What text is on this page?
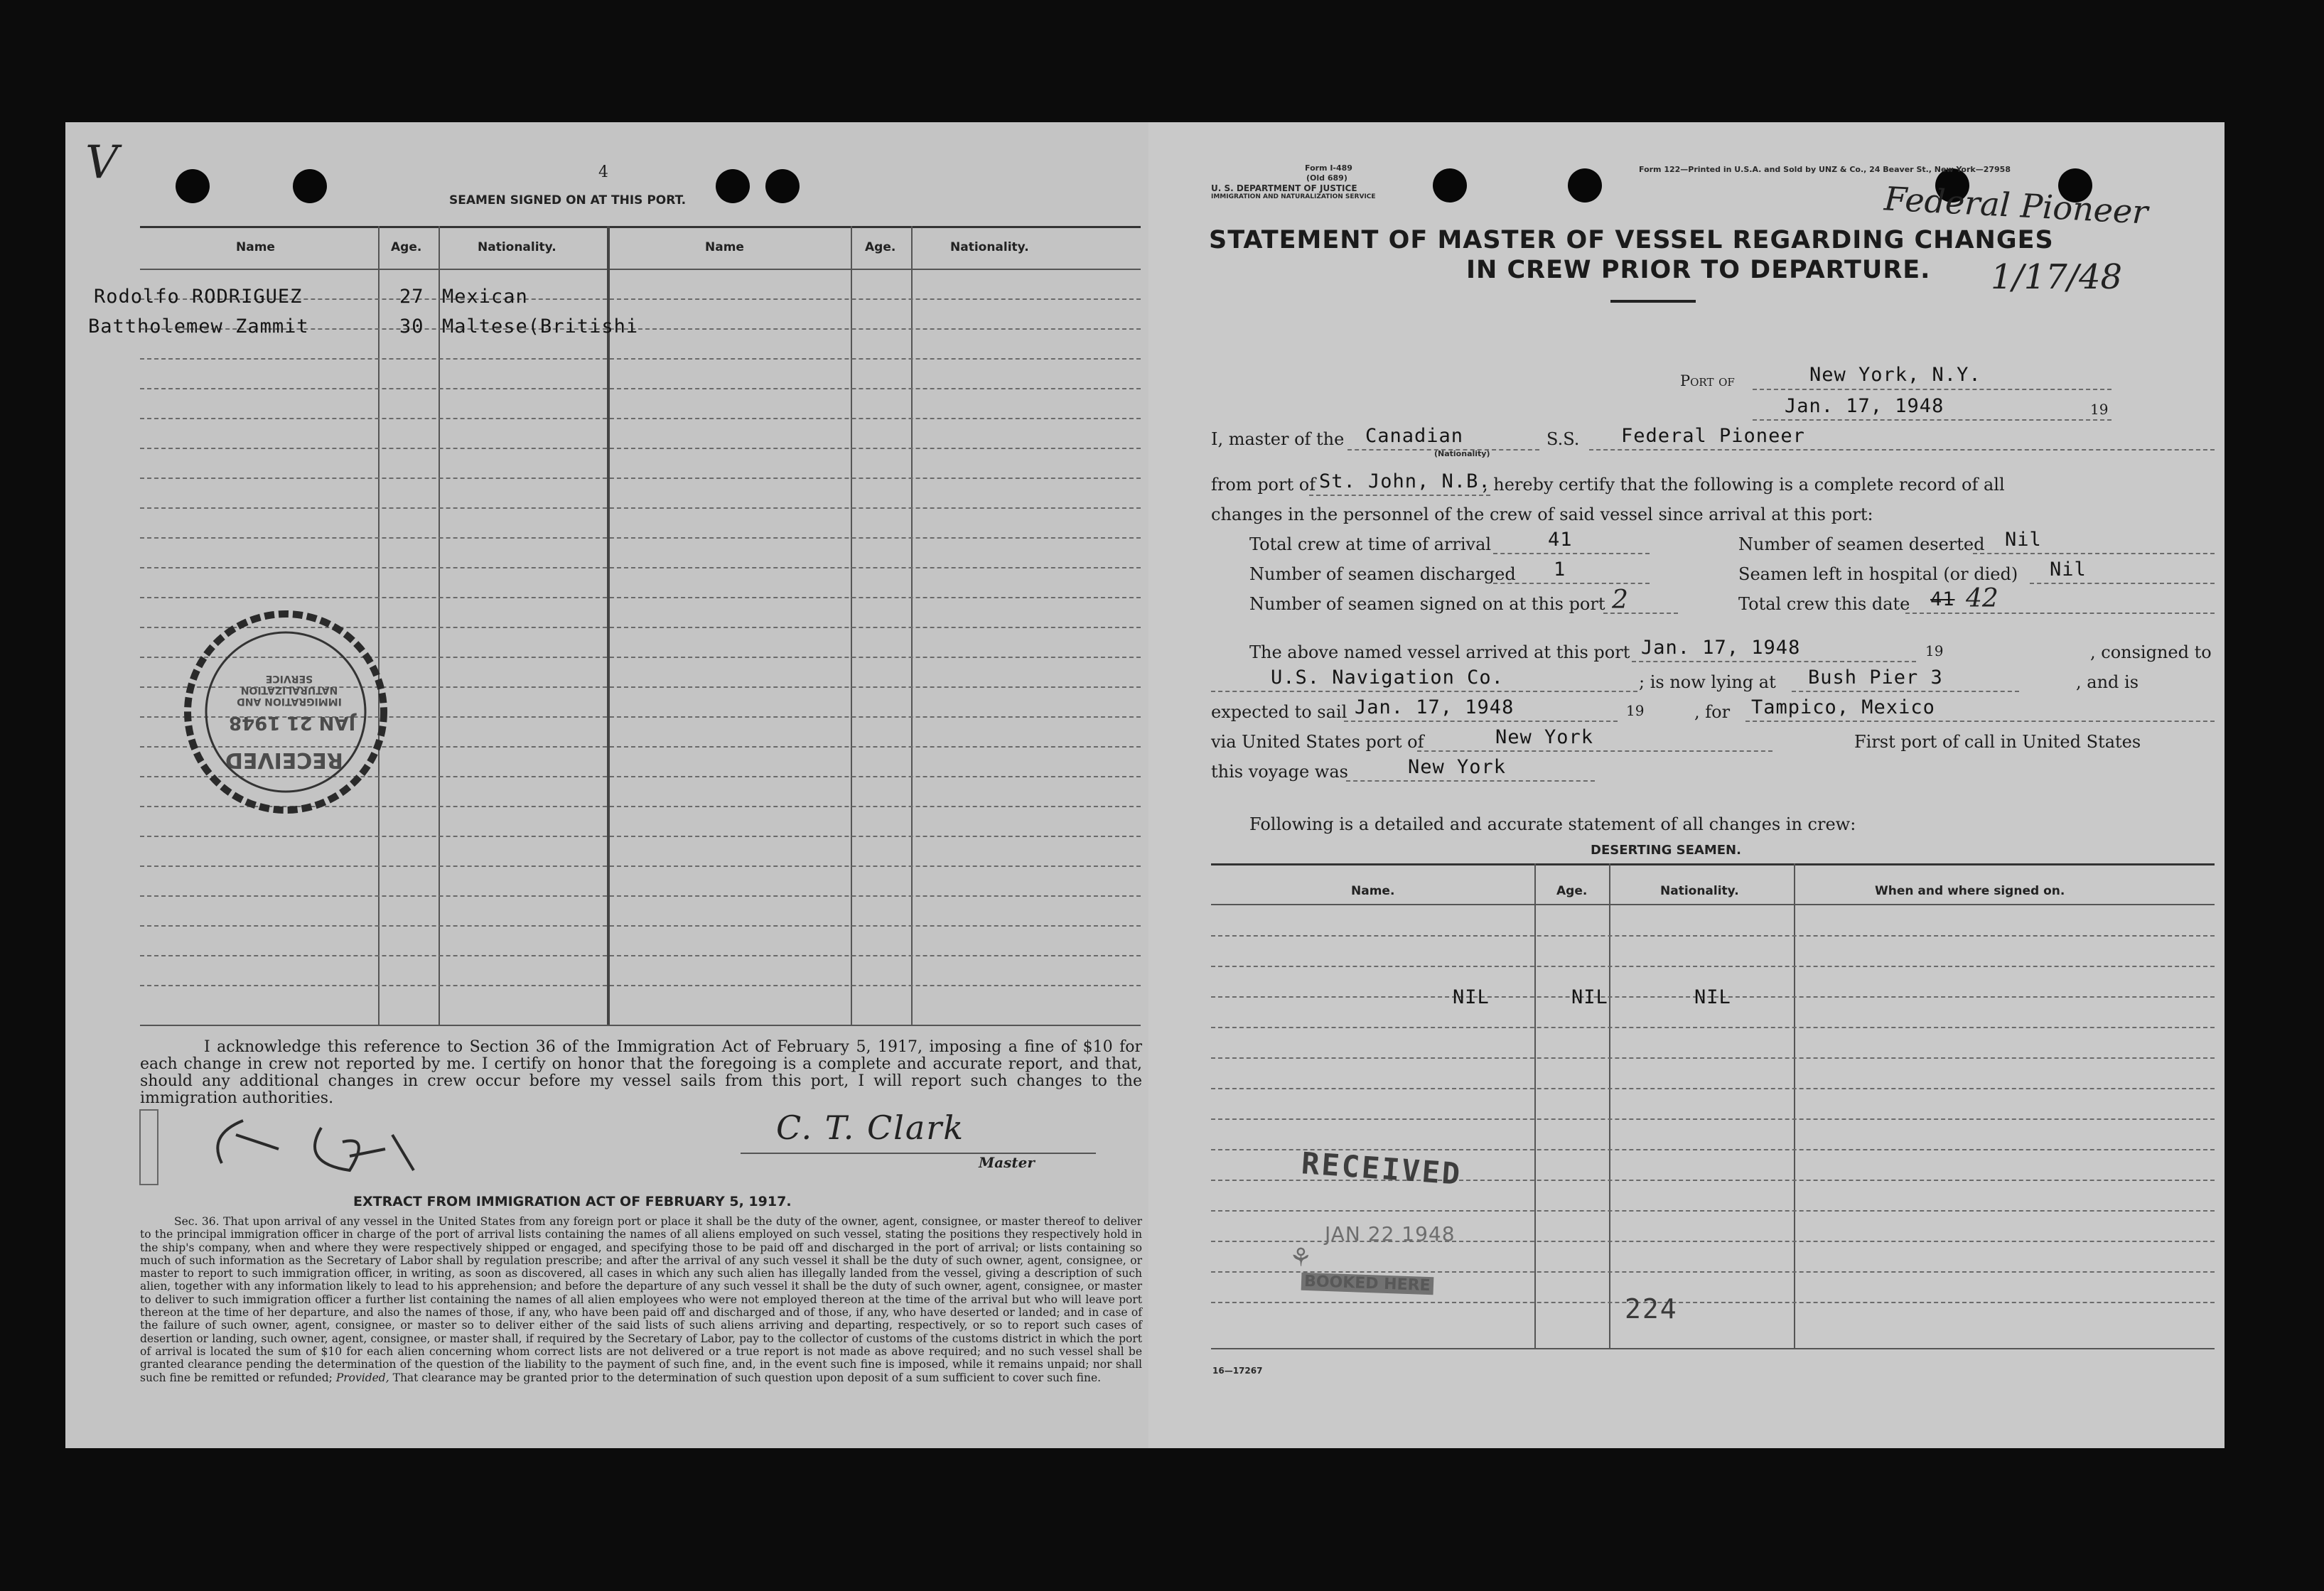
V	4
SEAMEN SIGNED ON AT THIS PORT.
Name	Age.	Nationality.	Name	Age.	Nationality.
Rodolfo RODRIGUEZ	27 Mexican
Battholemew Zammit	30 Maltese(Britishi
RECEIVED
JAN 21 1948
IMMIGRATION AND NATURALIZATION SERVICE
I acknowledge this reference to Section 36 of the Immigration Act of February 5, 1917, imposing a fine of $10 for each change in crew not reported by me. I certify on honor that the foregoing is a complete and accurate report, and that, should any additional changes in crew occur before my vessel sails from this port, I will report such changes to the immigration authorities.
C. T. Clark
Master
EXTRACT FROM IMMIGRATION ACT OF FEBRUARY 5, 1917.
Sec. 36. That upon arrival of any vessel in the United States from any foreign port or place it shall be the duty of the owner, agent, consignee, or master thereof to deliver to the principal immigration officer in charge of the port of arrival lists containing the names of all aliens employed on such vessel, stating the positions they respectively hold in the ship's company, when and where they were respectively shipped or engaged, and specifying those to be paid off and discharged in the port of arrival; or lists containing so much of such information as the Secretary of Labor shall by regulation prescribe; and after the arrival of any such vessel it shall be the duty of such owner, agent, consignee, or master to report to such immigration officer, in writing, as soon as discovered, all cases in which any such alien has illegally landed from the vessel, giving a description of such alien, together with any information likely to lead to his apprehension; and before the departure of any such vessel it shall be the duty of such owner, agent, consignee, or master to deliver to such immigration officer a further list containing the names of all alien employees who were not employed thereon at the time of the arrival but who will leave port thereon at the time of her departure, and also the names of those, if any, who have been paid off and discharged and of those, if any, who have deserted or landed; and in case of the failure of such owner, agent, consignee, or master so to deliver either of the said lists of such aliens arriving and departing, respectively, or so to report such cases of desertion or landing, such owner, agent, consignee, or master shall, if required by the Secretary of Labor, pay to the collector of customs of the customs district in which the port of arrival is located the sum of $10 for each alien concerning whom correct lists are not delivered or a true report is not made as above required; and no such vessel shall be granted clearance pending the determination of the question of the liability to the payment of such fine, and, in the event such fine is imposed, while it remains unpaid; nor shall such fine be remitted or refunded; Provided, That clearance may be granted prior to the determination of such question upon deposit of a sum sufficient to cover such fine.
Form I-489
(Old 689)
U. S. DEPARTMENT OF JUSTICE
IMMIGRATION AND NATURALIZATION SERVICE
Form 122—Printed in U.S.A. and Sold by UNZ & Co., 24 Beaver St., New York—27958
Federal Pioneer
1/17/48
STATEMENT OF MASTER OF VESSEL REGARDING CHANGES
IN CREW PRIOR TO DEPARTURE.
Port of	New York, N.Y.
Jan. 17, 1948	19
I, master of the Canadian
(Nationality)
S.S. Federal Pioneer
from port of St. John, N.B.
, hereby certify that the following is a complete record of all
changes in the personnel of the crew of said vessel since arrival at this port:
Total crew at time of arrival	41
Number of seamen discharged 1
Number of seamen signed on at this port 2
Number of seamen deserted Nil
Seamen left in hospital (or died) Nil
Total crew this date 41 42
The above named vessel arrived at this port Jan. 17, 1948	19	, consigned to
U.S. Navigation Co.	; is now lying at Bush Pier 3	, and is
expected to sail Jan. 17, 1948	19	, for Tampico, Mexico
via United States port of	New York	First port of call in United States
this voyage was	New York
Following is a detailed and accurate statement of all changes in crew:
DESERTING SEAMEN.
Name.	Age.	Nationality.	When and where signed on.
NIL	NIL	NIL
RECEIVED
JAN 22 1948
⚘
BOOKED HERE
224
16—17267
